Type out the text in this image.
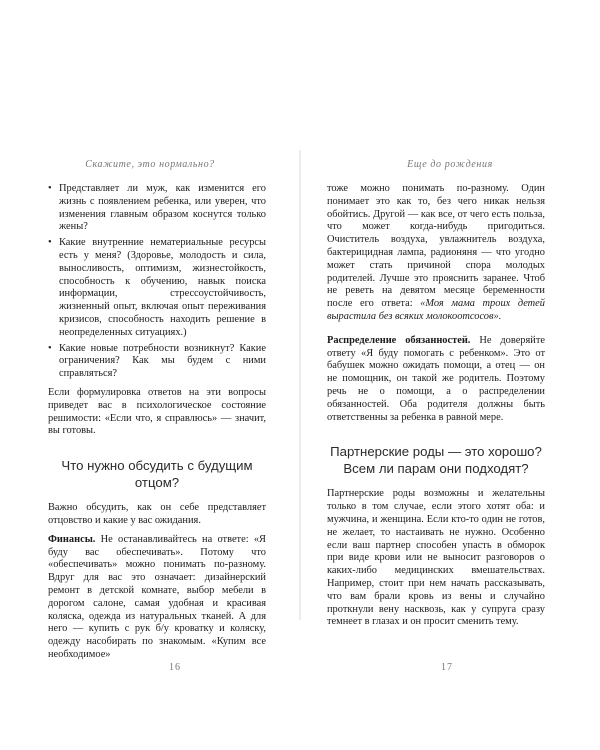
Скажите, это нормально?
• Представляет ли муж, как изменится его жизнь с появлением ребенка, или уверен, что изменения главным образом коснутся только жены?
• Какие внутренние нематериальные ресурсы есть у меня? (Здоровье, молодость и сила, выносливость, оптимизм, жизнестойкость, способность к обучению, навык поиска информации, стрессоустойчивость, жизненный опыт, включая опыт переживания кризисов, способность находить решение в неопределенных ситуациях.)
• Какие новые потребности возникнут? Какие ограничения? Как мы будем с ними справляться?

Если формулировка ответов на эти вопросы приведет вас в психологическое состояние решимости: «Если что, я справлюсь» — значит, вы готовы.

Что нужно обсудить с будущим отцом?

Важно обсудить, как он себе представляет отцовство и какие у вас ожидания.

Финансы. Не останавливайтесь на ответе: «Я буду вас обеспечивать». Потому что «обеспечивать» можно понимать по-разному. Вдруг для вас это означает: дизайнерский ремонт в детской комнате, выбор мебели в дорогом салоне, самая удобная и красивая коляска, одежда из натуральных тканей. А для него — купить с рук б/у кроватку и коляску, одежду насобирать по знакомым. «Купим все необходимое»

16
Еще до рождения

тоже можно понимать по-разному. Один понимает это как то, без чего никак нельзя обойтись. Другой — как все, от чего есть польза, что может когда-нибудь пригодиться. Очиститель воздуха, увлажнитель воздуха, бактерицидная лампа, радионяня — что угодно может стать причиной спора молодых родителей. Лучше это прояснить заранее. Чтоб не реветь на девятом месяце беременности после его ответа: «Моя мама троих детей вырастила без всяких молокоотсосов».

Распределение обязанностей. Не доверяйте ответу «Я буду помогать с ребенком». Это от бабушек можно ожидать помощи, а отец — он не помощник, он такой же родитель. Поэтому речь не о помощи, а о распределении обязанностей. Оба родителя должны быть ответственны за ребенка в равной мере.

Партнерские роды — это хорошо? Всем ли парам они подходят?

Партнерские роды возможны и желательны только в том случае, если этого хотят оба: и мужчина, и женщина. Если кто-то один не готов, не желает, то настаивать не нужно. Особенно если ваш партнер способен упасть в обморок при виде крови или не выносит разговоров о каких-либо медицинских вмешательствах. Например, стоит при нем начать рассказывать, что вам брали кровь из вены и случайно проткнули вену насквозь, как у супруга сразу темнеет в глазах и он просит сменить тему.

17
